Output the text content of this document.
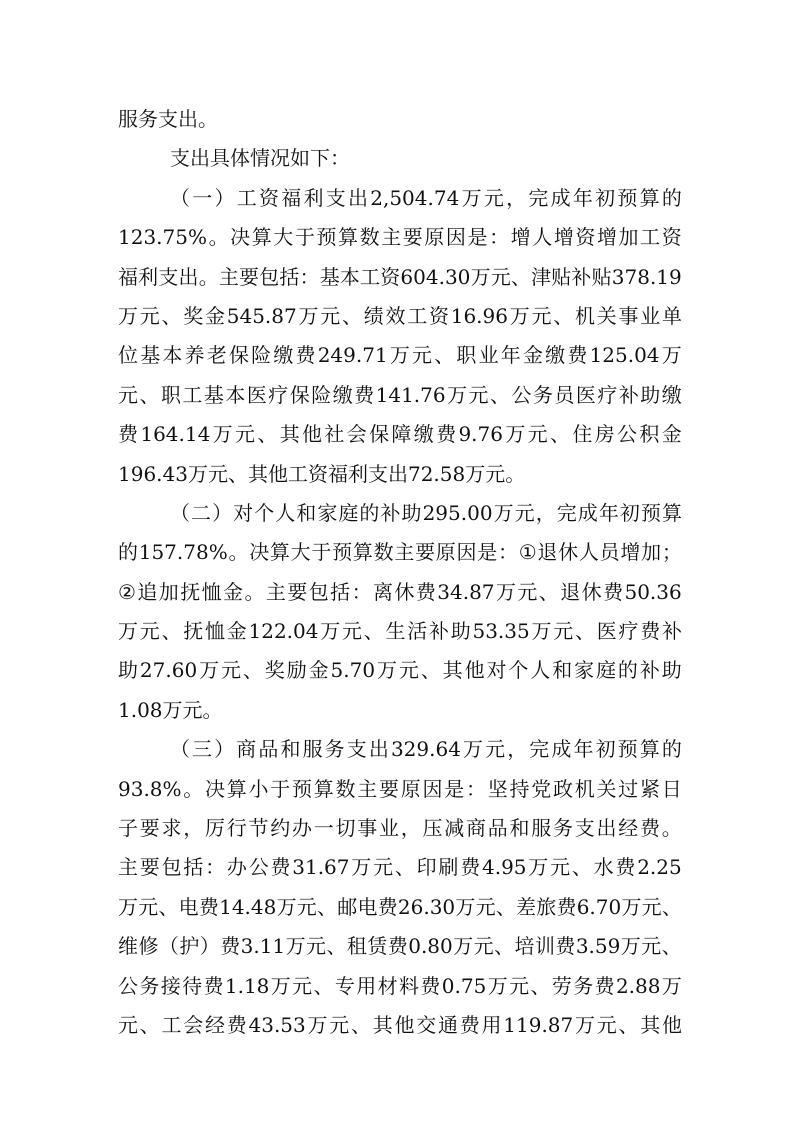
服务支出。
支出具体情况如下：
（ 一 ） 工 资 福 利 支 出 2,504.74 万 元 ， 完 成 年 初 预 算 的
123.75% 。 决 算 大 于 预 算 数 主 要 原 因 是 ： 增 人 增 资 增 加 工 资
福 利 支 出 。 主 要 包 括 ： 基 本 工 资 604.30 万 元 、 津 贴 补 贴 378.19
万 元 、 奖 金 545.87 万 元 、 绩 效 工 资 16.96 万 元 、 机 关 事 业 单
位 基 本 养 老 保 险 缴 费 249.71 万 元 、 职 业 年 金 缴 费 125.04 万
元 、 职 工 基 本 医 疗 保 险 缴 费 141.76 万 元 、 公 务 员 医 疗 补 助 缴
费 164.14 万 元 、 其 他 社 会 保 障 缴 费 9.76 万 元 、 住 房 公 积 金
196.43万元、其他工资福利支出72.58万元。
（ 二 ） 对 个 人 和 家 庭 的 补 助 295.00 万 元 ， 完 成 年 初 预 算
的 157.78% 。 决 算 大 于 预 算 数 主 要 原 因 是 ： ① 退 休 人 员 增 加 ；
② 追 加 抚 恤 金 。 主 要 包 括 ： 离 休 费 34.87 万 元 、 退 休 费 50.36
万 元 、 抚 恤 金 122.04 万 元 、 生 活 补 助 53.35 万 元 、 医 疗 费 补
助 27.60 万 元 、 奖 励 金 5.70 万 元 、 其 他 对 个 人 和 家 庭 的 补 助
1.08万元。
（ 三 ） 商 品 和 服 务 支 出 329.64 万 元 ， 完 成 年 初 预 算 的
93.8% 。 决 算 小 于 预 算 数 主 要 原 因 是 ： 坚 持 党 政 机 关 过 紧 日
子 要 求 ， 厉 行 节 约 办 一 切 事 业 ， 压 减 商 品 和 服 务 支 出 经 费 。
主 要 包 括 ： 办 公 费 31.67 万 元 、 印 刷 费 4.95 万 元 、 水 费 2.25
万 元 、 电 费 14.48 万 元 、 邮 电 费 26.30 万 元 、 差 旅 费 6.70 万 元 、
维 修 （ 护 ） 费 3.11 万 元 、 租 赁 费 0.80 万 元 、 培 训 费 3.59 万 元 、
公 务 接 待 费 1.18 万 元 、 专 用 材 料 费 0.75 万 元 、 劳 务 费 2.88 万
元 、 工 会 经 费 43.53 万 元 、 其 他 交 通 费 用 119.87 万 元 、 其 他
